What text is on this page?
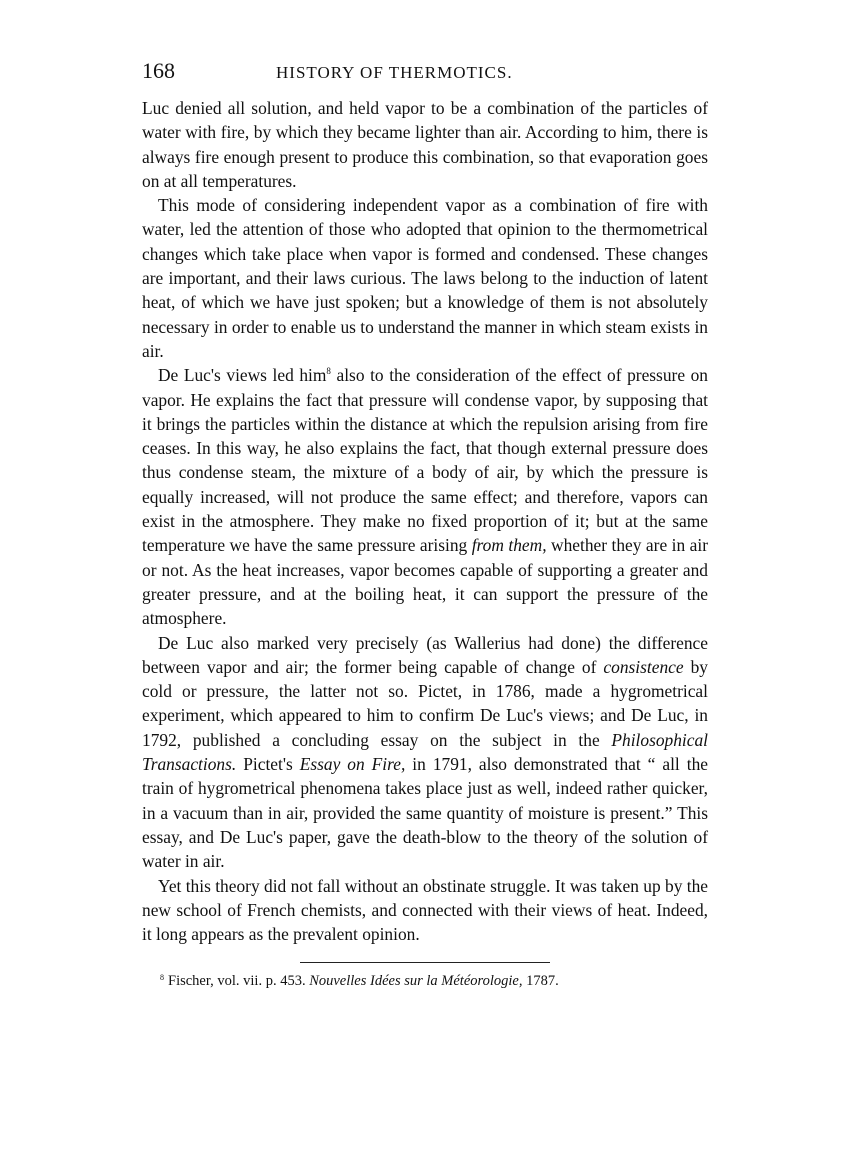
168	HISTORY OF THERMOTICS.

Luc denied all solution, and held vapor to be a combination of the particles of water with fire, by which they became lighter than air. According to him, there is always fire enough present to produce this combination, so that evaporation goes on at all temperatures.

This mode of considering independent vapor as a combination of fire with water, led the attention of those who adopted that opinion to the thermometrical changes which take place when vapor is formed and condensed. These changes are important, and their laws curious. The laws belong to the induction of latent heat, of which we have just spoken; but a knowledge of them is not absolutely necessary in order to enable us to understand the manner in which steam exists in air.

De Luc's views led him$^8$ also to the consideration of the effect of pressure on vapor. He explains the fact that pressure will condense vapor, by supposing that it brings the particles within the distance at which the repulsion arising from fire ceases. In this way, he also explains the fact, that though external pressure does thus condense steam, the mixture of a body of air, by which the pressure is equally increased, will not produce the same effect; and therefore, vapors can exist in the atmosphere. They make no fixed proportion of it; but at the same temperature we have the same pressure arising from them, whether they are in air or not. As the heat increases, vapor becomes capable of supporting a greater and greater pressure, and at the boiling heat, it can support the pressure of the atmosphere.

De Luc also marked very precisely (as Wallerius had done) the difference between vapor and air; the former being capable of change of consistence by cold or pressure, the latter not so. Pictet, in 1786, made a hygrometrical experiment, which appeared to him to confirm De Luc's views; and De Luc, in 1792, published a concluding essay on the subject in the Philosophical Transactions. Pictet's Essay on Fire, in 1791, also demonstrated that “ all the train of hygrometrical phenomena takes place just as well, indeed rather quicker, in a vacuum than in air, provided the same quantity of moisture is present.” This essay, and De Luc's paper, gave the death-blow to the theory of the solution of water in air.

Yet this theory did not fall without an obstinate struggle. It was taken up by the new school of French chemists, and connected with their views of heat. Indeed, it long appears as the prevalent opinion.

$^8$ Fischer, vol. vii. p. 453. Nouvelles Idées sur la Météorologie, 1787.
